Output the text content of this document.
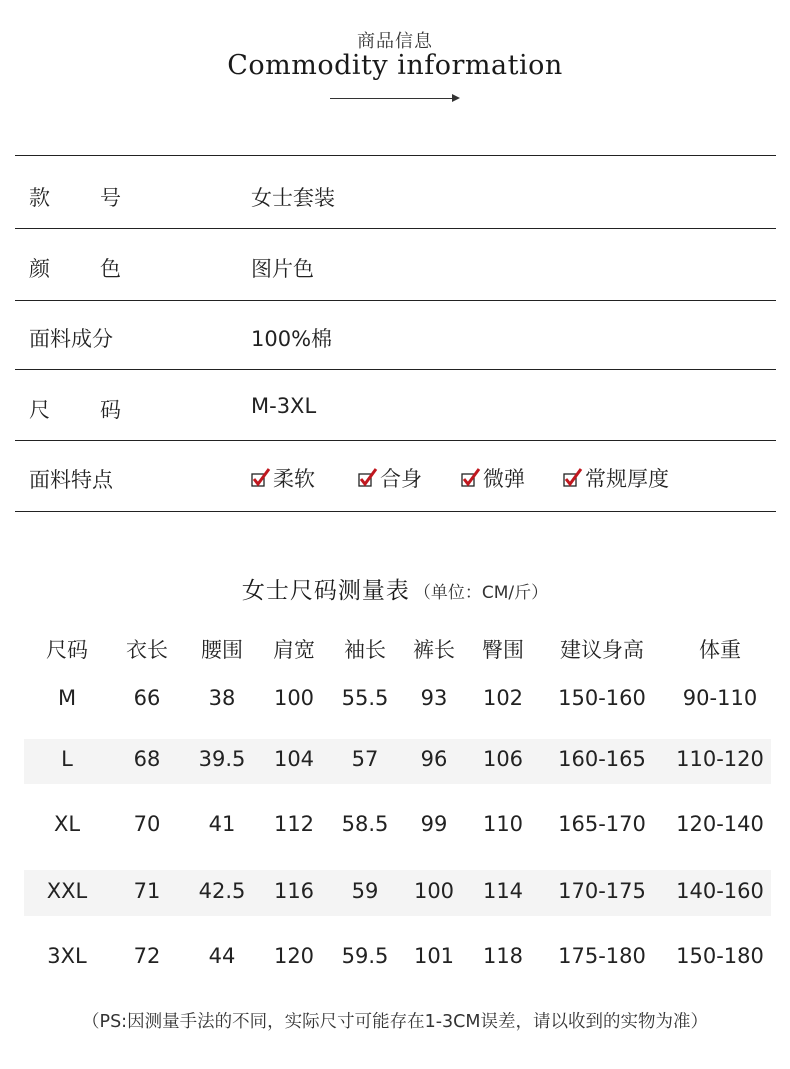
商品信息
Commodity information
款　号	女士套装
颜　色	图片色
面料成分	100%棉
尺　码	M-3XL
面料特点	柔软	合身	微弹	常规厚度
女士尺码测量表 （单位：CM/斤）
尺码 衣长 腰围 肩宽 袖长 裤长 臀围 建议身高	体重
M	66 38 100 55.5 93 102 150-160 90-110
L	68 39.5 104 57 96 106 160-165 110-120
XL	70 41 112 58.5 99 110 165-170 120-140
XXL 71 42.5 116 59 100 114 170-175 140-160
3XL 72 44 120 59.5 101 118 175-180 150-180
（PS:因测量手法的不同，实际尺寸可能存在1-3CM误差，请以收到的实物为准）
